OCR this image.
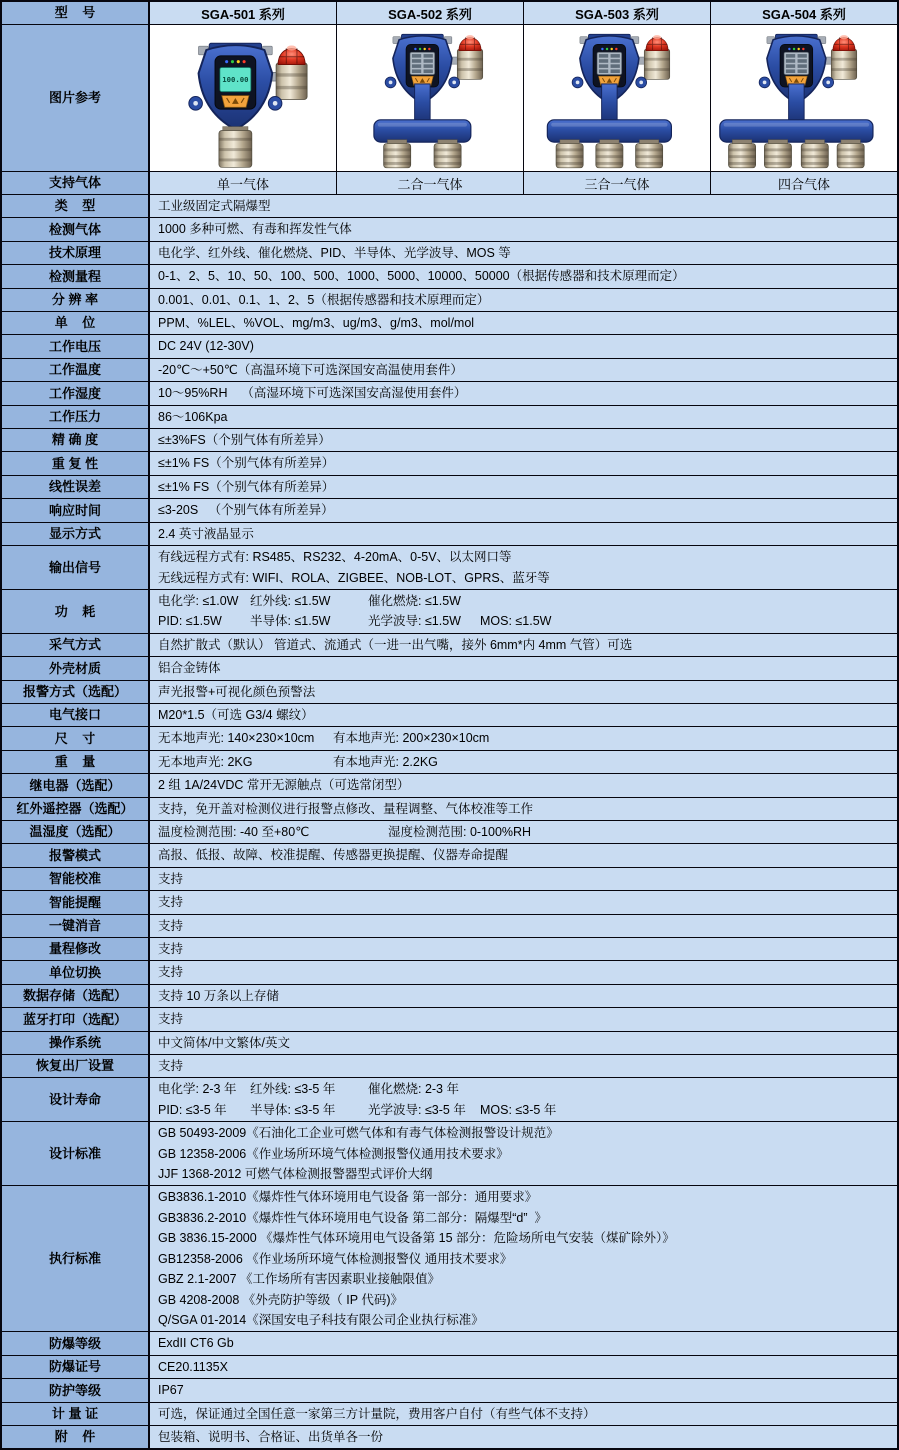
型    号	SGA-501 系列	SGA-502 系列	SGA-503 系列	SGA-504 系列
图片参考
100.00
支持气体	单一气体	二合一气体	三合一气体	四合气体
类    型	工业级固定式隔爆型
检测气体	1000 多种可燃、有毒和挥发性气体
技术原理	电化学、红外线、催化燃烧、PID、半导体、光学波导、MOS 等
检测量程	0-1、2、5、10、50、100、500、1000、5000、10000、50000（根据传感器和技术原理而定）
分 辨 率	0.001、0.01、0.1、1、2、5（根据传感器和技术原理而定）
单    位	PPM、%LEL、%VOL、mg/m3、ug/m3、g/m3、mol/mol
工作电压	DC 24V (12-30V)
工作温度	-20℃～+50℃（高温环境下可选深国安高温使用套件）
工作湿度	10～95%RH    （高湿环境下可选深国安高湿使用套件）
工作压力	86～106Kpa
精 确 度	≤±3%FS（个别气体有所差异）
重 复 性	≤±1% FS（个别气体有所差异）
线性误差	≤±1% FS（个别气体有所差异）
响应时间	≤3-20S   （个别气体有所差异）
显示方式	2.4 英寸液晶显示
输出信号
有线远程方式有: RS485、RS232、4-20mA、0-5V、以太网口等
无线远程方式有: WIFI、ROLA、ZIGBEE、NOB-LOT、GPRS、蓝牙等
功    耗
电化学: ≤1.0W 红外线: ≤1.5W	催化燃烧: ≤1.5W
PID: ≤1.5W 半导体: ≤1.5W	光学波导: ≤1.5W MOS: ≤1.5W
采气方式	自然扩散式（默认） 管道式、流通式（一进一出气嘴，接外 6mm*内 4mm 气管）可选
外壳材质	铝合金铸体
报警方式（选配）	声光报警+可视化颜色预警法
电气接口	M20*1.5（可选 G3/4 螺纹）
尺    寸	无本地声光: 140×230×10cm 有本地声光: 200×230×10cm
重    量	无本地声光: 2KG	有本地声光: 2.2KG
继电器（选配）	2 组 1A/24VDC 常开无源触点（可选常闭型）
红外遥控器（选配）	支持，免开盖对检测仪进行报警点修改、量程调整、气体校准等工作
温湿度（选配）	温度检测范围: -40 至+80℃	湿度检测范围: 0-100%RH
报警模式	高报、低报、故障、校准提醒、传感器更换提醒、仪器寿命提醒
智能校准	支持
智能提醒	支持
一键消音	支持
量程修改	支持
单位切换	支持
数据存储（选配）	支持 10 万条以上存储
蓝牙打印（选配）	支持
操作系统	中文简体/中文繁体/英文
恢复出厂设置	支持
设计寿命
电化学: 2-3 年 红外线: ≤3-5 年	催化燃烧: 2-3 年
PID: ≤3-5 年 半导体: ≤3-5 年	光学波导: ≤3-5 年 MOS: ≤3-5 年
设计标准
GB 50493-2009《石油化工企业可燃气体和有毒气体检测报警设计规范》
GB 12358-2006《作业场所环境气体检测报警仪通用技术要求》
JJF 1368-2012 可燃气体检测报警器型式评价大纲
执行标准
GB3836.1-2010《爆炸性气体环境用电气设备 第一部分：通用要求》
GB3836.2-2010《爆炸性气体环境用电气设备 第二部分：隔爆型“d”  》
GB 3836.15-2000 《爆炸性气体环境用电气设备第 15 部分：危险场所电气安装（煤矿除外）》
GB12358-2006 《作业场所环境气体检测报警仪 通用技术要求》
GBZ 2.1-2007 《工作场所有害因素职业接触限值》
GB 4208-2008 《外壳防护等级（ IP 代码)》
Q/SGA 01-2014《深国安电子科技有限公司企业执行标准》
防爆等级	ExdII CT6 Gb
防爆证号	CE20.1135X
防护等级	IP67
计 量 证	可选，保证通过全国任意一家第三方计量院，费用客户自付（有些气体不支持）
附    件	包装箱、说明书、合格证、出货单各一份
